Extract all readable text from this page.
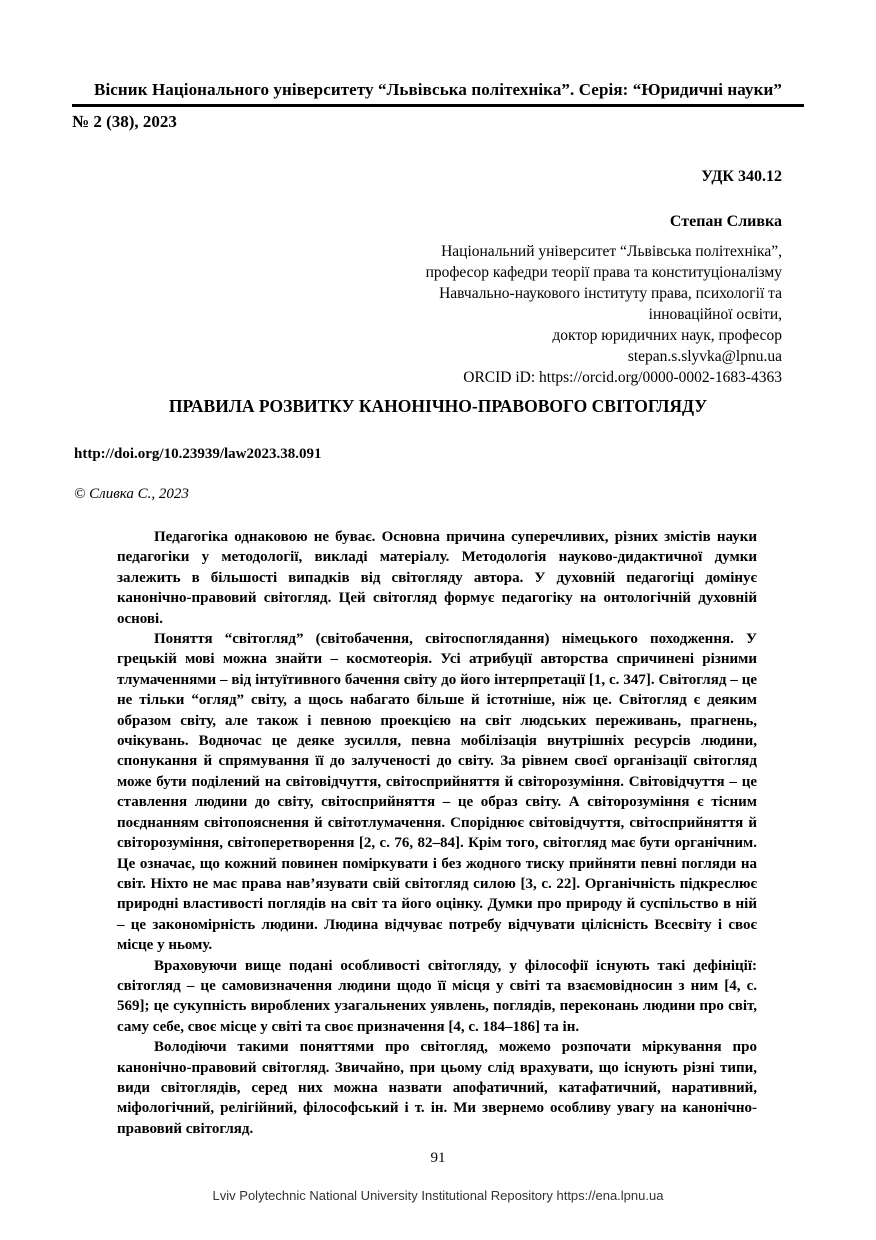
Вісник Національного університету “Львівська політехніка”. Серія: “Юридичні науки”
№ 2 (38), 2023
УДК 340.12
Степан Сливка
Національний університет “Львівська політехніка”,
професор кафедри теорії права та конституціоналізму
Навчально-наукового інституту права, психології та
інноваційної освіти,
доктор юридичних наук, професор
stepan.s.slyvka@lpnu.ua
ORCID iD: https://orcid.org/0000-0002-1683-4363
ПРАВИЛА РОЗВИТКУ КАНОНІЧНО-ПРАВОВОГО СВІТОГЛЯДУ
http://doi.org/10.23939/law2023.38.091
© Сливка С., 2023

Педагогіка однаковою не буває. Основна причина суперечливих, різних змістів науки педагогіки у методології, викладі матеріалу. Методологія науково-дидактичної думки залежить в більшості випадків від світогляду автора. У духовній педагогіці домінує канонічно-правовий світогляд. Цей світогляд формує педагогіку на онтологічній духовній основі.

Поняття “світогляд” (світобачення, світоспоглядання) німецького походження. У грецькій мові можна знайти – космотеорія. Усі атрибуції авторства спричинені різними тлумаченнями – від інтуїтивного бачення світу до його інтерпретації [1, с. 347]. Світогляд – це не тільки “огляд” світу, а щось набагато більше й істотніше, ніж це. Світогляд є деяким образом світу, але також і певною проекцією на світ людських переживань, прагнень, очікувань. Водночас це деяке зусилля, певна мобілізація внутрішніх ресурсів людини, спонукання й спрямування її до залученості до світу. За рівнем своєї організації світогляд може бути поділений на світовідчуття, світосприйняття й світорозуміння. Світовідчуття – це ставлення людини до світу, світосприйняття – це образ світу. А світорозуміння є тісним поєднанням світопояснення й світотлумачення. Споріднює світовідчуття, світосприйняття й світорозуміння, світоперетворення [2, с. 76, 82–84]. Крім того, світогляд має бути органічним. Це означає, що кожний повинен поміркувати і без жодного тиску прийняти певні погляди на світ. Ніхто не має права нав’язувати свій світогляд силою [3, с. 22]. Органічність підкреслює природні властивості поглядів на світ та його оцінку. Думки про природу й суспільство в ній – це закономірність людини. Людина відчуває потребу відчувати цілісність Всесвіту і своє місце у ньому.

Враховуючи вище подані особливості світогляду, у філософії існують такі дефініції: світогляд – це самовизначення людини щодо її місця у світі та взаємовідносин з ним [4, с. 569]; це сукупність вироблених узагальнених уявлень, поглядів, переконань людини про світ, саму себе, своє місце у світі та своє призначення [4, с. 184–186] та ін.

Володіючи такими поняттями про світогляд, можемо розпочати міркування про канонічно-правовий світогляд. Звичайно, при цьому слід врахувати, що існують різні типи, види світоглядів, серед них можна назвати апофатичний, катафатичний, наративний, міфологічний, релігійний, філософський і т. ін. Ми звернемо особливу увагу на канонічно-правовий світогляд.

91
Lviv Polytechnic National University Institutional Repository https://ena.lpnu.ua
